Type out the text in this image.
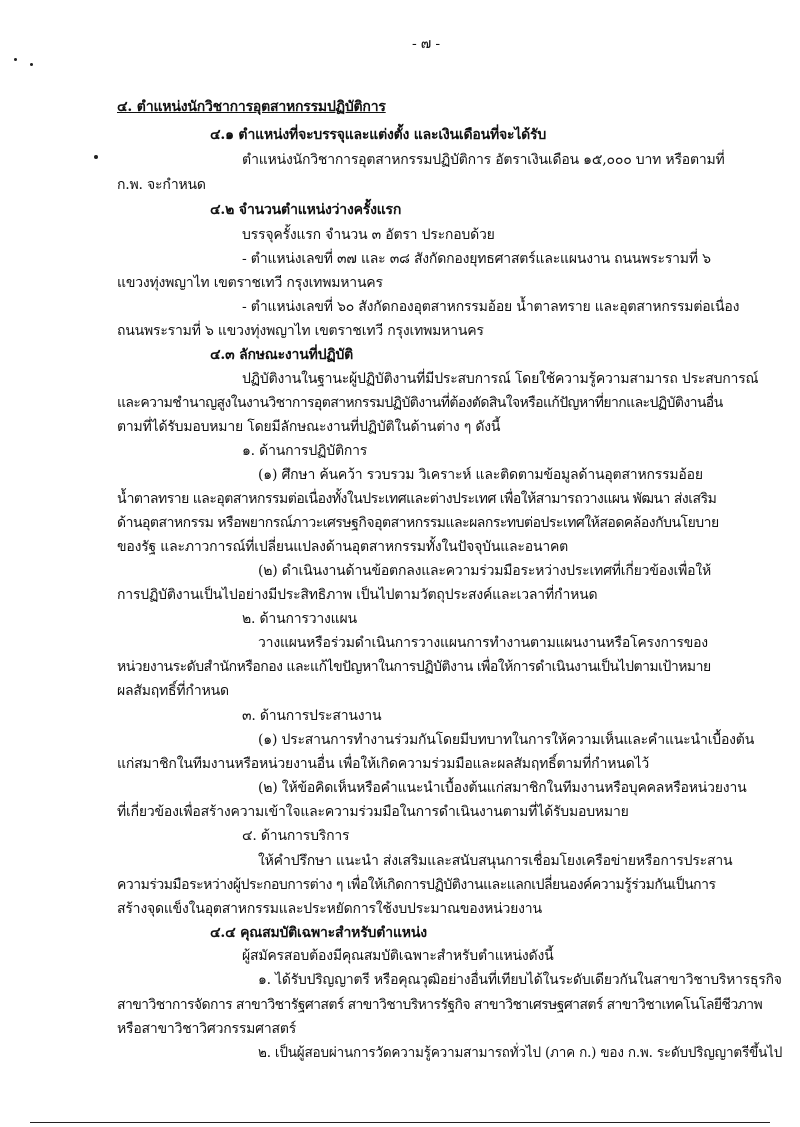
- ๗ -
๔. ตำแหน่งนักวิชาการอุตสาหกรรมปฏิบัติการ
๔.๑ ตำแหน่งที่จะบรรจุและแต่งตั้ง และเงินเดือนที่จะได้รับ
ตำแหน่งนักวิชาการอุตสาหกรรมปฏิบัติการ อัตราเงินเดือน ๑๕,๐๐๐ บาท หรือตามที่
ก.พ. จะกำหนด
๔.๒ จำนวนตำแหน่งว่างครั้งแรก
บรรจุครั้งแรก จำนวน ๓ อัตรา ประกอบด้วย
- ตำแหน่งเลขที่ ๓๗ และ ๓๘ สังกัดกองยุทธศาสตร์และแผนงาน ถนนพระรามที่ ๖
แขวงทุ่งพญาไท เขตราชเทวี กรุงเทพมหานคร
- ตำแหน่งเลขที่ ๖๐ สังกัดกองอุตสาหกรรมอ้อย น้ำตาลทราย และอุตสาหกรรมต่อเนื่อง
ถนนพระรามที่ ๖ แขวงทุ่งพญาไท เขตราชเทวี กรุงเทพมหานคร
๔.๓ ลักษณะงานที่ปฏิบัติ
ปฏิบัติงานในฐานะผู้ปฏิบัติงานที่มีประสบการณ์ โดยใช้ความรู้ความสามารถ ประสบการณ์
และความชำนาญสูงในงานวิชาการอุตสาหกรรมปฏิบัติงานที่ต้องตัดสินใจหรือแก้ปัญหาที่ยากและปฏิบัติงานอื่น
ตามที่ได้รับมอบหมาย โดยมีลักษณะงานที่ปฏิบัติในด้านต่าง ๆ ดังนี้
๑. ด้านการปฏิบัติการ
(๑) ศึกษา ค้นคว้า รวบรวม วิเคราะห์ และติดตามข้อมูลด้านอุตสาหกรรมอ้อย
น้ำตาลทราย และอุตสาหกรรมต่อเนื่องทั้งในประเทศและต่างประเทศ เพื่อให้สามารถวางแผน พัฒนา ส่งเสริม
ด้านอุตสาหกรรม หรือพยากรณ์ภาวะเศรษฐกิจอุตสาหกรรมและผลกระทบต่อประเทศให้สอดคล้องกับนโยบาย
ของรัฐ และภาวการณ์ที่เปลี่ยนแปลงด้านอุตสาหกรรมทั้งในปัจจุบันและอนาคต
(๒) ดำเนินงานด้านข้อตกลงและความร่วมมือระหว่างประเทศที่เกี่ยวข้องเพื่อให้
การปฏิบัติงานเป็นไปอย่างมีประสิทธิภาพ เป็นไปตามวัตถุประสงค์และเวลาที่กำหนด
๒. ด้านการวางแผน
วางแผนหรือร่วมดำเนินการวางแผนการทำงานตามแผนงานหรือโครงการของ
หน่วยงานระดับสำนักหรือกอง และแก้ไขปัญหาในการปฏิบัติงาน เพื่อให้การดำเนินงานเป็นไปตามเป้าหมาย
ผลสัมฤทธิ์ที่กำหนด
๓. ด้านการประสานงาน
(๑) ประสานการทำงานร่วมกันโดยมีบทบาทในการให้ความเห็นและคำแนะนำเบื้องต้น
แก่สมาชิกในทีมงานหรือหน่วยงานอื่น เพื่อให้เกิดความร่วมมือและผลสัมฤทธิ์ตามที่กำหนดไว้
(๒) ให้ข้อคิดเห็นหรือคำแนะนำเบื้องต้นแก่สมาชิกในทีมงานหรือบุคคลหรือหน่วยงาน
ที่เกี่ยวข้องเพื่อสร้างความเข้าใจและความร่วมมือในการดำเนินงานตามที่ได้รับมอบหมาย
๔. ด้านการบริการ
ให้คำปรึกษา แนะนำ ส่งเสริมและสนับสนุนการเชื่อมโยงเครือข่ายหรือการประสาน
ความร่วมมือระหว่างผู้ประกอบการต่าง ๆ เพื่อให้เกิดการปฏิบัติงานและแลกเปลี่ยนองค์ความรู้ร่วมกันเป็นการ
สร้างจุดแข็งในอุตสาหกรรมและประหยัดการใช้งบประมาณของหน่วยงาน
๔.๔ คุณสมบัติเฉพาะสำหรับตำแหน่ง
ผู้สมัครสอบต้องมีคุณสมบัติเฉพาะสำหรับตำแหน่งดังนี้
๑. ได้รับปริญญาตรี หรือคุณวุฒิอย่างอื่นที่เทียบได้ในระดับเดียวกันในสาขาวิชาบริหารธุรกิจ
สาขาวิชาการจัดการ สาขาวิชารัฐศาสตร์ สาขาวิชาบริหารรัฐกิจ สาขาวิชาเศรษฐศาสตร์ สาขาวิชาเทคโนโลยีชีวภาพ
หรือสาขาวิชาวิศวกรรมศาสตร์
๒. เป็นผู้สอบผ่านการวัดความรู้ความสามารถทั่วไป (ภาค ก.) ของ ก.พ. ระดับปริญญาตรีขึ้นไป
